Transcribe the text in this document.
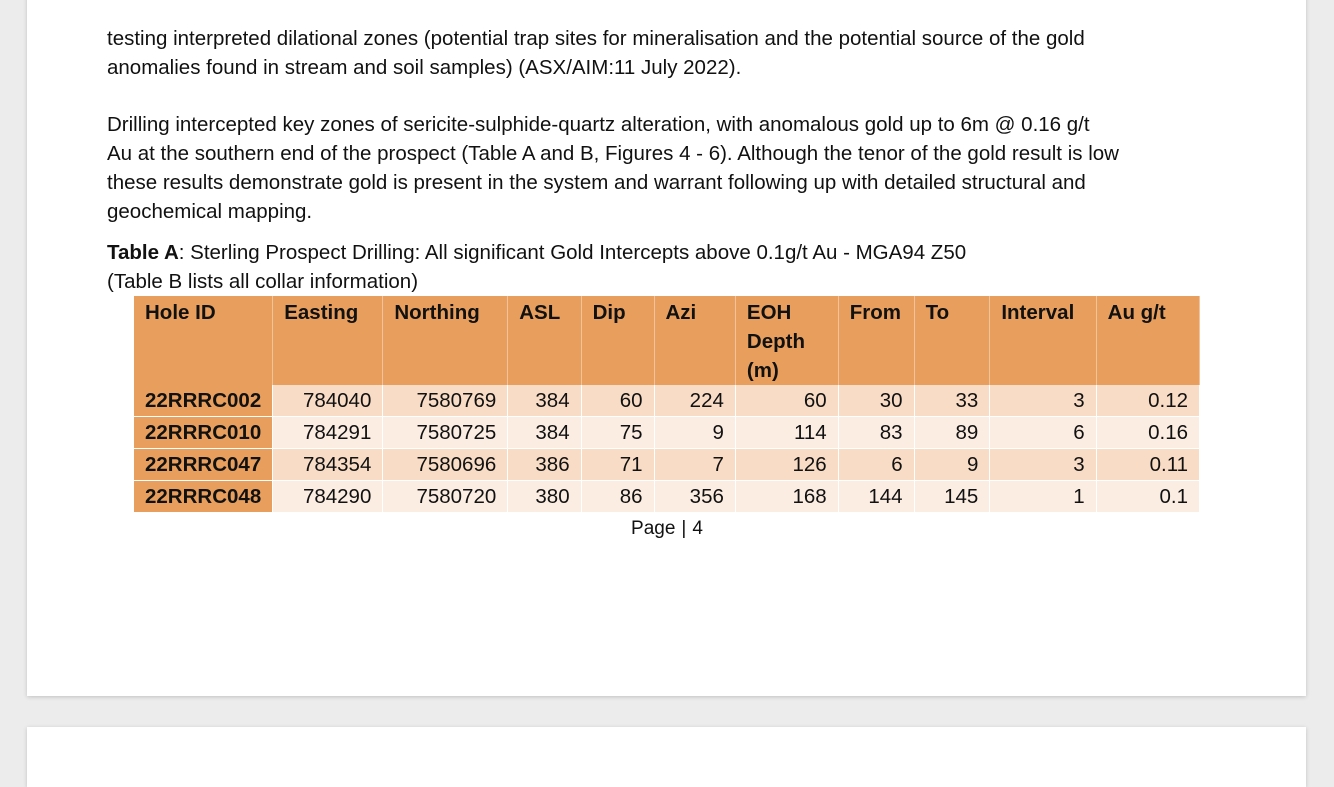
testing interpreted dilational zones (potential trap sites for mineralisation and the potential source of the gold
anomalies found in stream and soil samples) (ASX/AIM:11 July 2022).
Drilling intercepted key zones of sericite-sulphide-quartz alteration, with anomalous gold up to 6m @ 0.16 g/t
Au at the southern end of the prospect (Table A and B, Figures 4 - 6). Although the tenor of the gold result is low
these results demonstrate gold is present in the system and warrant following up with detailed structural and
geochemical mapping.
Table A: Sterling Prospect Drilling: All significant Gold Intercepts above 0.1g/t Au - MGA94 Z50
(Table B lists all collar information)
Hole ID	Easting	Northing	ASL	Dip	Azi	EOH Depth (m)	From	To	Interval	Au g/t
22RRRC002	784040	7580769	384	60	224	60	30	33	3	0.12
22RRRC010	784291	7580725	384	75	9	114	83	89	6	0.16
22RRRC047	784354	7580696	386	71	7	126	6	9	3	0.11
22RRRC048	784290	7580720	380	86	356	168	144	145	1	0.1
Page | 4
